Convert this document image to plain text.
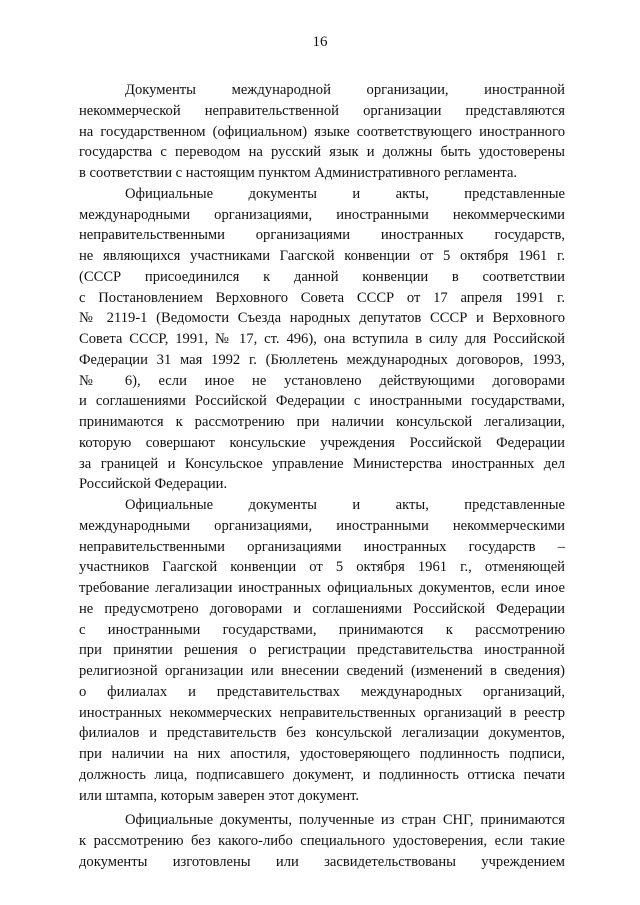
16
Документы международной организации, иностранной
некоммерческой неправительственной организации представляются
на государственном (официальном) языке соответствующего иностранного
государства с переводом на русский язык и должны быть удостоверены
в соответствии с настоящим пунктом Административного регламента.
Официальные документы и акты, представленные
международными организациями, иностранными некоммерческими
неправительственными организациями иностранных государств,
не являющихся участниками Гаагской конвенции от 5 октября 1961 г.
(СССР присоединился к данной конвенции в соответствии
с Постановлением Верховного Совета СССР от 17 апреля 1991 г.
№ 2119-1 (Ведомости Съезда народных депутатов СССР и Верховного
Совета СССР, 1991, № 17, ст. 496), она вступила в силу для Российской
Федерации 31 мая 1992 г. (Бюллетень международных договоров, 1993,
№ 6), если иное не установлено действующими договорами
и соглашениями Российской Федерации с иностранными государствами,
принимаются к рассмотрению при наличии консульской легализации,
которую совершают консульские учреждения Российской Федерации
за границей и Консульское управление Министерства иностранных дел
Российской Федерации.
Официальные документы и акты, представленные
международными организациями, иностранными некоммерческими
неправительственными организациями иностранных государств –
участников Гаагской конвенции от 5 октября 1961 г., отменяющей
требование легализации иностранных официальных документов, если иное
не предусмотрено договорами и соглашениями Российской Федерации
с иностранными государствами, принимаются к рассмотрению
при принятии решения о регистрации представительства иностранной
религиозной организации или внесении сведений (изменений в сведения)
о филиалах и представительствах международных организаций,
иностранных некоммерческих неправительственных организаций в реестр
филиалов и представительств без консульской легализации документов,
при наличии на них апостиля, удостоверяющего подлинность подписи,
должность лица, подписавшего документ, и подлинность оттиска печати
или штампа, которым заверен этот документ.
Официальные документы, полученные из стран СНГ, принимаются
к рассмотрению без какого-либо специального удостоверения, если такие
документы изготовлены или засвидетельствованы учреждением
